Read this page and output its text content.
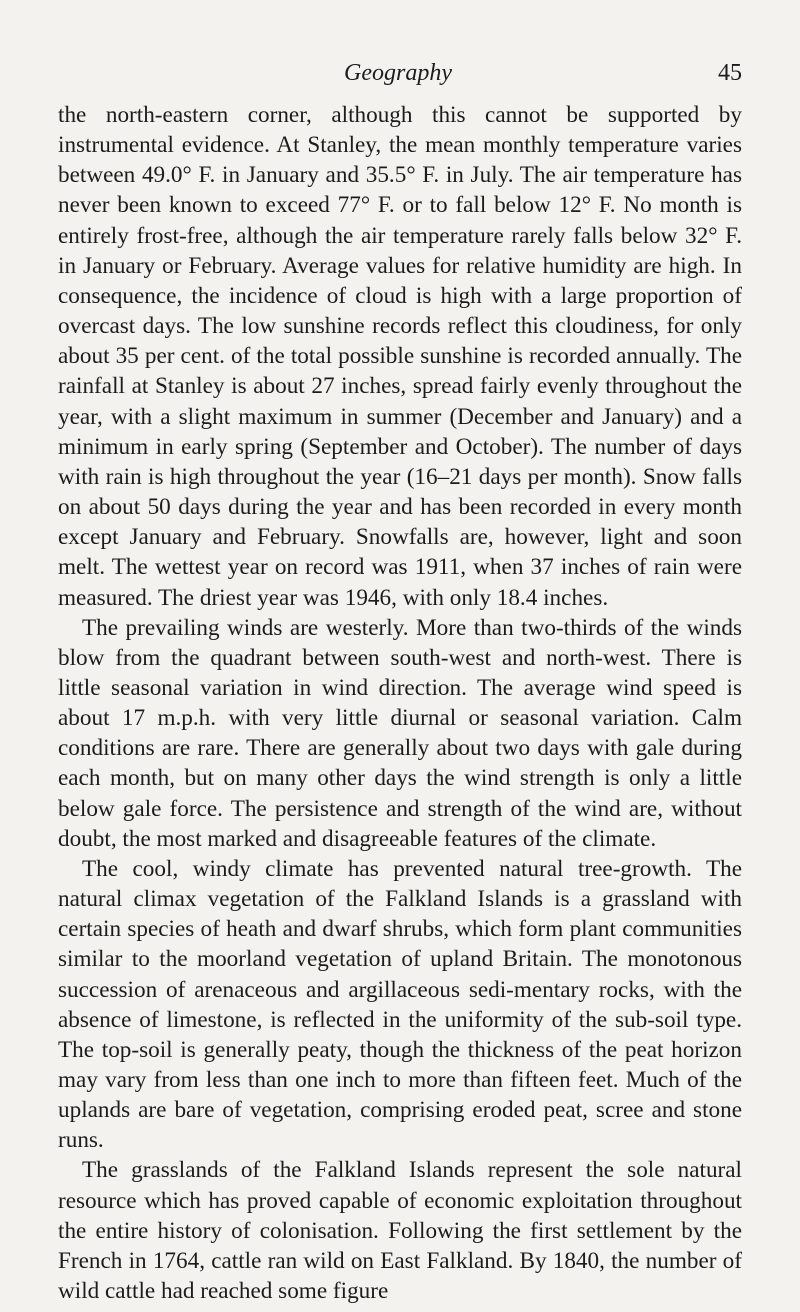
Geography	45

the north-eastern corner, although this cannot be supported by instrumental evidence. At Stanley, the mean monthly temperature varies between 49.0° F. in January and 35.5° F. in July. The air temperature has never been known to exceed 77° F. or to fall below 12° F. No month is entirely frost-free, although the air temperature rarely falls below 32° F. in January or February. Average values for relative humidity are high. In consequence, the incidence of cloud is high with a large proportion of overcast days. The low sunshine records reflect this cloudiness, for only about 35 per cent. of the total possible sunshine is recorded annually. The rainfall at Stanley is about 27 inches, spread fairly evenly throughout the year, with a slight maximum in summer (December and January) and a minimum in early spring (September and October). The number of days with rain is high throughout the year (16–21 days per month). Snow falls on about 50 days during the year and has been recorded in every month except January and February. Snowfalls are, however, light and soon melt. The wettest year on record was 1911, when 37 inches of rain were measured. The driest year was 1946, with only 18.4 inches.

The prevailing winds are westerly. More than two-thirds of the winds blow from the quadrant between south-west and north-west. There is little seasonal variation in wind direction. The average wind speed is about 17 m.p.h. with very little diurnal or seasonal variation. Calm conditions are rare. There are generally about two days with gale during each month, but on many other days the wind strength is only a little below gale force. The persistence and strength of the wind are, without doubt, the most marked and disagreeable features of the climate.

The cool, windy climate has prevented natural tree-growth. The natural climax vegetation of the Falkland Islands is a grassland with certain species of heath and dwarf shrubs, which form plant communities similar to the moorland vegetation of upland Britain. The monotonous succession of arenaceous and argillaceous sedi-mentary rocks, with the absence of limestone, is reflected in the uniformity of the sub-soil type. The top-soil is generally peaty, though the thickness of the peat horizon may vary from less than one inch to more than fifteen feet. Much of the uplands are bare of vegetation, comprising eroded peat, scree and stone runs.

The grasslands of the Falkland Islands represent the sole natural resource which has proved capable of economic exploitation throughout the entire history of colonisation. Following the first settlement by the French in 1764, cattle ran wild on East Falkland. By 1840, the number of wild cattle had reached some figure
